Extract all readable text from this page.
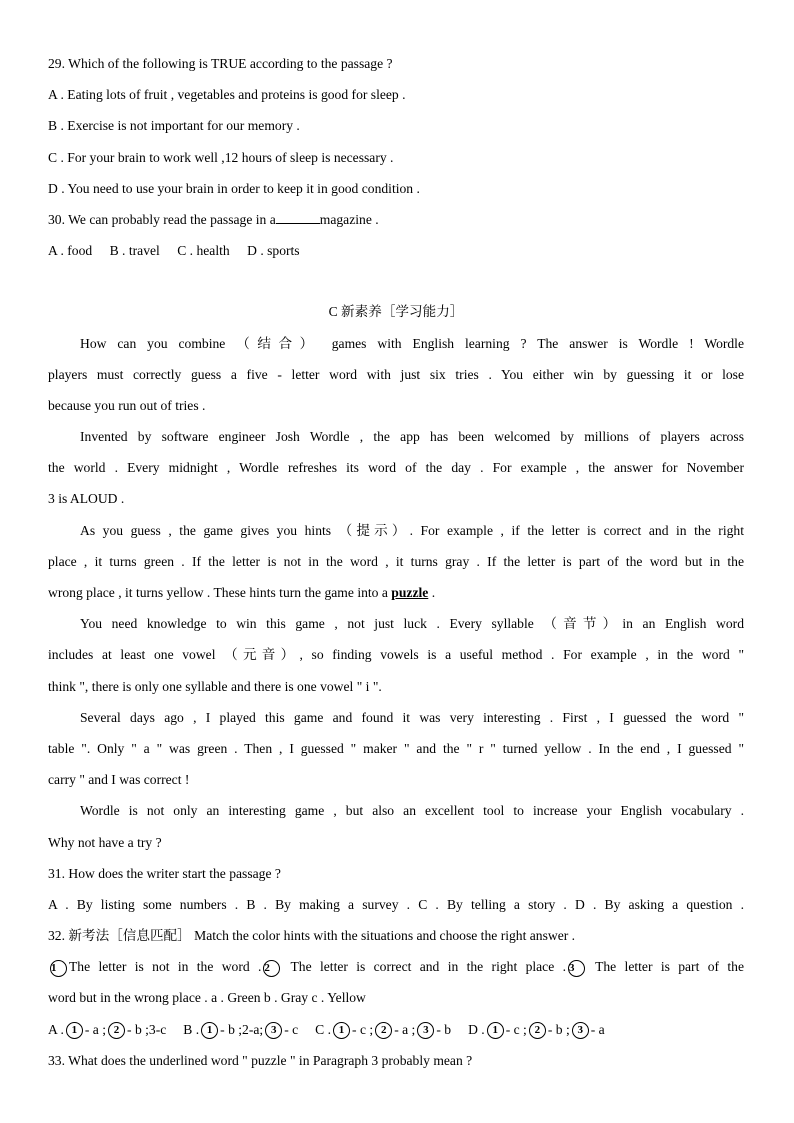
29. Which of the following is TRUE according to the passage ?
A . Eating lots of fruit , vegetables and proteins is good for sleep .
B . Exercise is not important for our memory .
C . For your brain to work well ,12 hours of sleep is necessary .
D . You need to use your brain in order to keep it in good condition .
30. We can probably read the passage in a	magazine .
A . food B . travel C . health D . sports
C 新素养［学习能力］
How can you combine （结合） games with English learning ? The answer is Wordle ! Wordle
players must correctly guess a five - letter word with just six tries . You either win by guessing it or lose
because you run out of tries .
Invented by software engineer Josh Wordle , the app has been welcomed by millions of players across
the world . Every midnight , Wordle refreshes its word of the day . For example , the answer for November
3 is ALOUD .
As you guess , the game gives you hints （提示）. For example , if the letter is correct and in the right
place , it turns green . If the letter is not in the word , it turns gray . If the letter is part of the word but in the
wrong place , it turns yellow . These hints turn the game into a puzzle .
You need knowledge to win this game , not just luck . Every syllable （音节）in an English word
includes at least one vowel （元音）, so finding vowels is a useful method . For example , in the word "
think ", there is only one syllable and there is one vowel " i ".
Several days ago , I played this game and found it was very interesting . First , I guessed the word "
table ". Only " a " was green . Then , I guessed " maker " and the " r " turned yellow . In the end , I guessed "
carry " and I was correct !
Wordle is not only an interesting game , but also an excellent tool to increase your English vocabulary .
Why not have a try ?
31. How does the writer start the passage ?
A . By listing some numbers . B . By making a survey . C . By telling a story . D . By asking a question .
32. 新考法［信息匹配］ Match the color hints with the situations and choose the right answer .
1 The letter is not in the word . 2 The letter is correct and in the right place . 3 The letter is part of the
word but in the wrong place . a . Green b . Gray c . Yellow
A . 1 - a ; 2 - b ;3-c B . 1 - b ;2-a; 3 - c C . 1 - c ; 2 - a ; 3 - b D . 1 - c ; 2 - b ; 3 - a
33. What does the underlined word " puzzle " in Paragraph 3 probably mean ?
